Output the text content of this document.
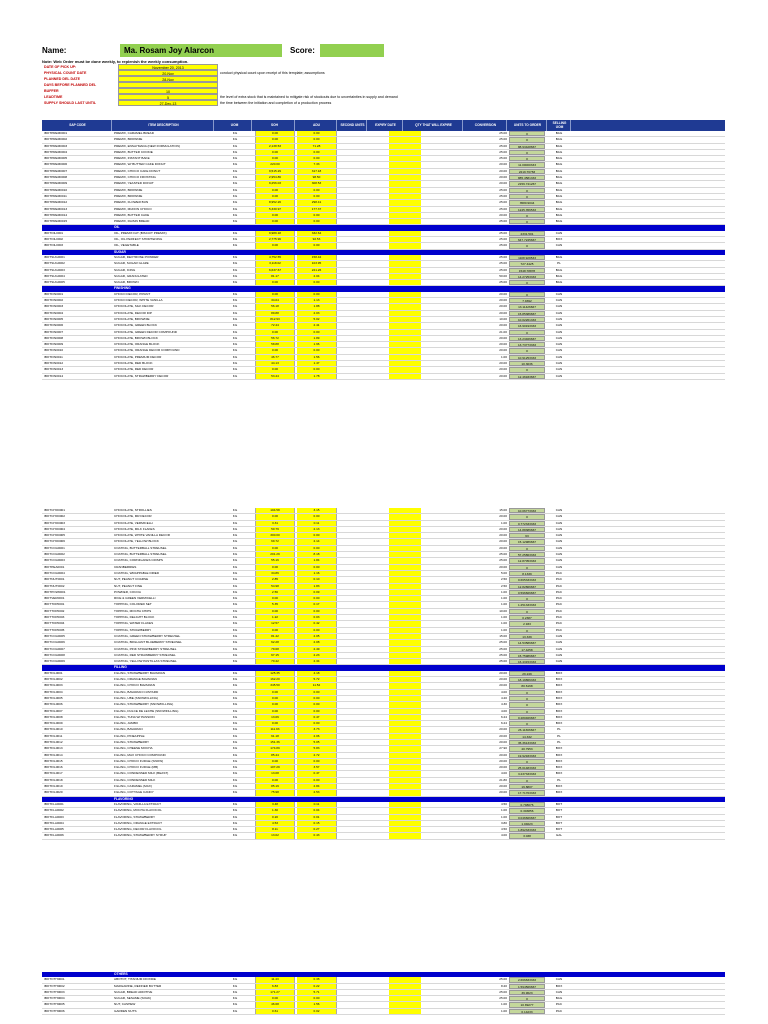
Name:	Ma. Rosam Joy Alarcon	Score:
Note: Web Order must be done weekly, to replenish the weekly consumption.
DATE OF PICK UP:	November 20, 2013
PHYSICAL COUNT DATE	20-Nov
PLANNED DEL DATE	28-Nov
DAYS BEFORE PLANNED DEL
BUFFER	10
LEADTIME	5
SUPPLY SHOULD LAST UNTIL	27-Dec-13
conduct physical count upon receipt of this template; assumptions
the level of extra stock that is maintained to mitigate risk of stockouts due to uncertainties in supply and demand
the time between the initiation and completion of a production process
SAP CODE	ITEM DESCRIPTION	UOM	SOH	ADU	SECOND UNITS	EXPIRY DATE	QTY THAT WILL EXPIRE	CONVERSION	UNITS TO ORDER	SELLING UOM
IBOTPREM0001	PREMIX, CARAMEL BREAD	KG	0.00	0.00	25.00	0	BAG
IBOTPREM0002	PREMIX, BROWNIE	KG	0.00	0.00	25.00	0	BAG
IBOTPREM0003	PREMIX, ENSAYMADA (NEW FORMULATION)	KG	2,138.53	71.28	25.00	88.93428667	BAG
IBOTPREM0004	PREMIX, BUTTER COOKIE	KG	0.00	0.00	25.00	0	BAG
IBOTPREM0005	PREMIX, INSTANT BAKE	KG	0.00	0.00	25.00	0	BAG
IBOTPREM0006	PREMIX, W/ BUTTER CAKE DONUT	KG	220.00	7.33	20.00	11.00000333	BAG
IBOTPREM0007	PREMIX, CHOCO CAKE DONUT	KG	9,515.29	317.18	20.00	2219.76783	BAG
IBOTPREM0008	PREMIX, CHOCO FROSTING	KG	2,954.86	98.50	20.00	885.4581333	BAG
IBOTPREM0009	PREMIX, YEASTED DONUT	KG	9,256.03	308.53	20.00	2159.741267	BAG
IBOTPREM0010	PREMIX, BROWNIE	KG	0.00	0.00	25.00	0	BAG
IBOTPREM0011	PREMIX, BROWNIE	KG	0.00	0.00	25.00	0	BAG
IBOTPREM0012	PREMIX, FLOWER BUN	KG	8,952.26	298.41	25.00	3580.9044	BAG
IBOTPREM0013	PREMIX, MUFFIN CHOCO	KG	5,330.97	177.37	25.00	1245.356533	BAG
IBOTPREM0014	PREMIX, BUTTER CAKE	KG	0.00	0.00	20.00	0	BAG
IBOTPREM0015	PREMIX, RAISIN BREAD	KG	0.00	0.00	25.00	0	BAG
OIL
IBOTOIL0001	OIL, PREMIX FAT (BISCUIT PREMIX)	KG	9,989.18	332.64	25.00	2331.501	CAN
IBOTOIL0002	OIL, OIL PERFECT SHORTENING	KG	2,775.96	92.53	25.00	647.7245667	BOX
IBOTOIL0003	OIL, VEGETABLE	KG	0.00	0.00	25.00	0	CAN
SUGAR
IBOTSUG0001	SUGAR, DEXTROSE POWDER	KG	4,752.55	158.42	25.00	1108.929533	BAG
IBOTSUG0002	SUGAR, SUGAR GLAZE	KG	3,118.02	103.95	25.00	727.4425	PL
IBOTSUG0003	SUGAR, ICING	KG	6,637.67	221.26	25.00	1548.78878	BAG
IBOTSUG0004	SUGAR, GRANULATED	KG	81.17	2.04	50.00	14.27253333	BAG
IBOTSUG0005	SUGAR, BROWN	KG	0.00	0.00	25.00	0	BAG
FINISHING
IBOTFIN0001	CHOCO DECOR, PIPANT	KG	0.00	0.00	20.00	0	CAN
IBOTFIN0002	CHOCO DECOR, WHITE VANILLA	KG	34.04	1.13	20.00	7.9392	CAN
IBOTFIN0003	CHOCOLATE, SILK DECOR	KG	56.18	1.88	20.00	13.11426667	CAN
IBOTFIN0004	CHOCOLATE, DECOR DIP	KG	89.88	2.03	20.00	15.85386667	CAN
IBOTFIN0005	CHOCOLATE, BROWNIE	KG	812.93	5.02	10.00	10.02261333	CAN
IBOTFIN0006	CHOCOLATE, GREEN BLOCK	KG	72.44	2.41	20.00	16.90193333	CAN
IBOTFIN0007	CHOCOLATE, GREEN DECOR COMPOUND	KG	0.00	0.00	21.00	0	CAN
IBOTFIN0008	CHOCOLATE, BROWN BLOCK	KG	56.72	1.89	20.00	13.23466667	CAN
IBOTFIN0009	CHOCOLATE, ORANGE BLOCK	KG	58.88	1.96	20.00	13.73773333	CAN
IBOTFIN0010	CHOCOLATE, ORANGE DECOR COMPOUND	KG	0.00	0.00	20.00	0	CAN
IBOTFIN0011	CHOCOLATE, PREMIUM DECOR	KG	46.77	1.56	1.00	10.91253333	CAN
IBOTFIN0012	CHOCOLATE, RED BLOCK	KG	44.13	1.47	20.00	10.3036	CAN
IBOTFIN0013	CHOCOLATE, RED DECOR	KG	0.00	0.00	20.00	0	CAN
IBOTFIN0014	CHOCOLATE, STRAWBERRY DECOR	KG	53.44	1.78	20.00	12.46933667	CAN
IBOTCHO0001	CHOCOLATE, STROLLIES	KG	104.58	3.15	15.00	10.06773333	CAN
IBOTCHO0002	CHOCOLATE, MR DECOR	KG	0.00	0.00	20.00	0	CAN
IBOTCHO0003	CHOCOLATE, VERMICELLI	KG	3.31	0.11	1.00	0.772333333	CAN
IBOTCHO0004	CHOCOLATE, MILK FLAKES	KG	50.79	2.13	20.00	14.88386667	CAN
IBOTCHO0005	CHOCOLATE, WHITE VANILLA DECOR	KG	300.00	0.00	20.00	63	CAN
IBOTCHO0006	CHOCOLATE, YELLOW BLOCK	KG	69.72	2.14	20.00	15.12986667	CAN
IBOTCOA0001	COATING, BUTTERBALL STREUSEL	KG	0.00	0.00	20.00	0	CAN
IBOTCOA0002	COATING, BUTTERBALL STREUSEL	KG	201.29	8.18	25.00	57.25863333	CAN
IBOTCOA0003	COATING, CORNFLAKES CRISPS	KG	55.16	1.84	25.00	12.87053333	CAN
IBOTPEA0001	CRANBERRIES	KG	0.00	0.00	20.00	0	CAN
IBOTCOA0004	COATING, WRAPPABLE DRIED	KG	34.86	1.16	5.00	8.1339	PAC
IBOTNUT0001	NUT, PEANUT COARSE	KG	2.85	0.10	2.50	0.665333333	PAC
IBOTNUT0002	NUT, PEANUT FINE	KG	54.98	1.83	2.50	12.82866667	PAC
IBOTPOW0001	POWDER, COCOA	KG	2.56	0.09	1.00	0.596666667	PAC
IBOTVER0001	RICE & GREEN VERMICELLI	KG	0.00	0.00	1.00	0	PAC
IBOTTOP0001	TOPPING, COLORED SET	KG	5.35	0.17	1.00	1.251333333	PAC
IBOTTOP0002	TOPPING, MOCHA CHIPS	KG	0.00	0.00	10.00	0	PAC
IBOTTOP0003	TOPPING, DELIGHT BLOCK	KG	1.22	0.03	1.00	0.2387	PAC
IBOTTOP0004	TOPPING, WATER FLAKES	KG	12.57	0.42	1.00	2.933	PAC
IBOTTOP0005	TOPPING, STRAWBERRY	KG	0.00	0.00	1.00	0	PAC
IBOTCOA0005	COATING, GREEN STRAWBERRY STREUSEL	KG	81.42	2.05	15.00	13.339	CAN
IBOTCOA0006	COATING, BRILLIANT BLUEBERRY STREUSEL	KG	62.28	2.08	25.00	14.53586667	CAN
IBOTCOA0007	COATING, PINK STRAWBERRY STREUSEL	KG	79.68	2.49	25.00	17.4258	CAN
IBOTCOA0008	COATING, RED STRAWBERRY STREUSEL	KG	67.15	2.23	25.00	15.75986667	CAN
IBOTCOA0009	COATING, YELLOW PASTILLAS STREUSEL	KG	70.42	2.34	25.00	16.43153333	CAN
FILLING
IBOTFIL0001	FILLING, STRAWBERRY BAVARIAN	KG	125.35	4.18	20.00	29.249	BOX
IBOTFIL0002	FILLING, ORANGE BAVARIAN	KG	162.20	5.72	20.00	18.19866333	BOX
IBOTFIL0003	FILLING, CHOCO BAVARIAN	KG	345.50	11.52	20.00	80.6168	BOX
IBOTFIL0004	FILLING, BAVARIAN CUSTARD	KG	0.00	0.00	4.00	0	BOX
IBOTFIL0005	FILLING, UBE (SNOWFILLING)	KG	0.00	0.00	4.20	0	BOX
IBOTFIL0006	FILLING, STRAWBERRY (SNOWFILLING)	KG	0.00	0.00	4.30	0	BOX
IBOTFIL0007	FILLING, DULCE DE LECHE (SNOWFILLING)	KG	0.00	0.00	4.00	0	BOX
IBOTFIL0008	FILLING, TUNA W/ PASSION	KG	13.06	0.47	6.24	0.280466667	BOX
IBOTFIL0009	FILLING, JAMBO	KG	0.00	0.00	6.24	0	BOX
IBOTFIL0010	FILLING, BAVARIAN	KG	111.93	3.73	20.00	26.11666667	PL
IBOTFIL0011	FILLING, PINEAPPLE	KG	61.18	2.06	20.00	14.332	PL
IBOTFIL0012	FILLING, STRAWBERRY	KG	151.36	5.05	20.00	35.36133333	PL
IBOTFIL0013	FILLING, CHEESE MOCHA	KG	174.89	5.83	27.90	40.7953	BOX
IBOTFIL0014	FILLING, MAX CHOCO COMPOUND	KG	85.44	2.72	20.00	19.92933333	BOX
IBOTFIL0015	FILLING, CHOCO FUDGE (SNOW)	KG	0.00	0.00	20.00	0	BOX
IBOTFIL0016	FILLING, CHOCO FUDGE (MB)	KG	107.29	3.57	20.00	25.01483333	BOX
IBOTFIL0017	FILLING, CONDENSED MILK (BEAST)	KG	13.08	0.47	4.00	3.237333333	BOX
IBOTFIL0018	FILLING, CONDENSED MILK	KG	0.00	0.00	21.80	0	PL
IBOTFIL0019	FILLING, CARAMEL (MAX)	KG	85.19	2.84	20.00	19.8807	BOX
IBOTFIL0020	FILLING, COTTAGE CANDY	KG	75.98	2.53	20.00	17.71763333	BOX
FLAVORING
IBOTFLA0001	FLAVORING, VANILLA EXTRACT	KG	3.48	0.11	4.50	0.798076	BOT
IBOTFLA0002	FLAVORING, MOCHA FLAVOCOL	KG	1.30	0.04	1.00	0.303856	BOT
IBOTFLA0003	FLAVORING, STRAWBERRY	KG	0.20	0.01	1.00	0.046666667	BOT
IBOTFLA0004	FLAVORING, ORANGE EXTRACT	KG	4.53	0.15	3.80	1.04023	BOT
IBOTFLA0005	FLAVORING, DECOR FLAVOCOL	KG	8.11	0.27	4.50	1.892333333	BOT
IBOTFLA0006	FLAVORING, STRAWBERRY SYRUP	KG	13.02	0.43	4.00	3.038	GAL
OTHERS
IBOTOTH0001	ABOTOT, TITANIUM DIOXIDE	KG	11.43	0.38	25.00	2.666833333	CAN
IBOTOTH0002	MARGARINE, REFINED BUTTER	KG	6.83	0.22	8.20	1.594566667	BOX
IBOTOTH0003	SUGAR, BREAD ADDITIVE	KG	171.27	5.71	25.00	39.9623	CAN
IBOTOTH0004	SUGAR, SESAME (SOAK)	KG	0.00	0.00	25.00	0	BAG
IBOTOTH0005	NUT, CASHEW	KG	46.68	1.56	1.00	10.89277	PAC
IBOTOTH0006	GARDEN NUTS	KG	0.61	0.02	1.00	0.14233	PAC
